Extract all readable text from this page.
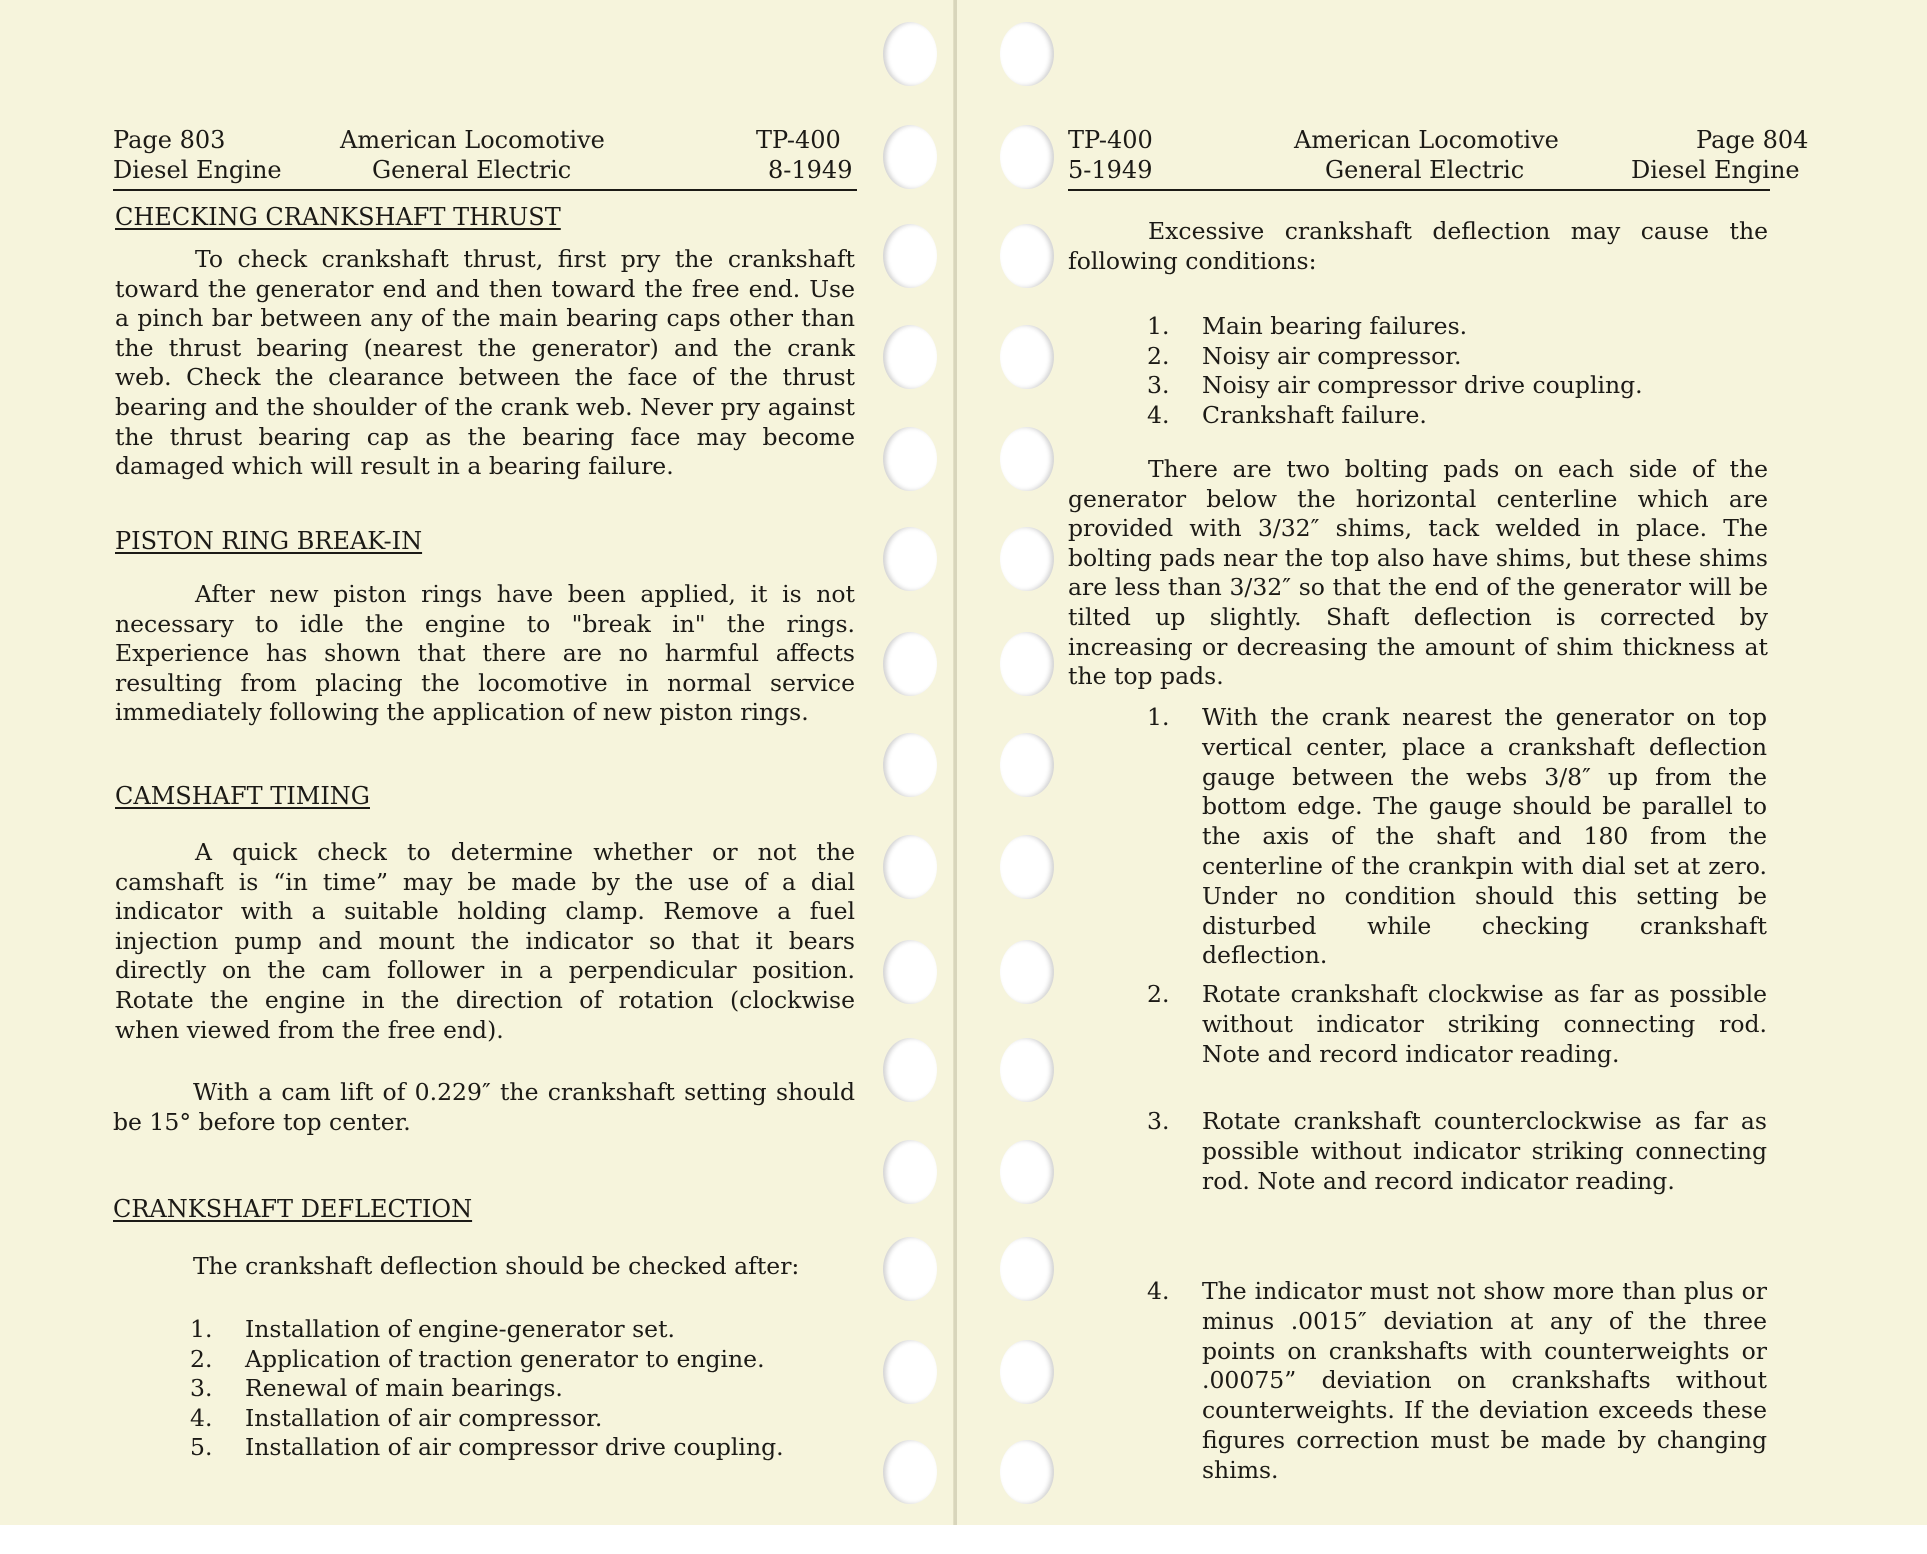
Page 803	American Locomotive	TP-400
Diesel Engine	General Electric	8-1949
CHECKING CRANKSHAFT THRUST

To check crankshaft thrust, first pry the crankshaft toward the generator end and then toward the free end. Use a pinch bar between any of the main bearing caps other than the thrust bearing (nearest the generator) and the crank web. Check the clearance between the face of the thrust bearing and the shoulder of the crank web. Never pry against the thrust bearing cap as the bearing face may become damaged which will result in a bearing failure.

PISTON RING BREAK-IN

After new piston rings have been applied, it is not necessary to idle the engine to "break in" the rings. Experience has shown that there are no harmful affects resulting from placing the locomotive in normal service immediately following the application of new piston rings.

CAMSHAFT TIMING

A quick check to determine whether or not the camshaft is “in time” may be made by the use of a dial indicator with a suitable holding clamp. Remove a fuel injection pump and mount the indicator so that it bears directly on the cam follower in a perpendicular position. Rotate the engine in the direction of rotation (clockwise when viewed from the free end).

With a cam lift of 0.229″ the crankshaft setting should be 15° before top center.

CRANKSHAFT DEFLECTION

The crankshaft deflection should be checked after:

1. Installation of engine-generator set.
2. Application of traction generator to engine.
3. Renewal of main bearings.
4. Installation of air compressor.
5. Installation of air compressor drive coupling.
TP-400	American Locomotive	Page 804
5-1949	General Electric	Diesel Engine

Excessive crankshaft deflection may cause the following conditions:

1. Main bearing failures.
2. Noisy air compressor.
3. Noisy air compressor drive coupling.
4. Crankshaft failure.

There are two bolting pads on each side of the generator below the horizontal centerline which are provided with 3/32″ shims, tack welded in place. The bolting pads near the top also have shims, but these shims are less than 3/32″ so that the end of the generator will be tilted up slightly. Shaft deflection is corrected by increasing or decreasing the amount of shim thickness at the top pads.

1. With the crank nearest the generator on top vertical center, place a crankshaft deflection gauge between the webs 3/8″ up from the bottom edge. The gauge should be parallel to the axis of the shaft and 180 from the centerline of the crankpin with dial set at zero. Under no condition should this setting be disturbed while checking crankshaft deflection.
2. Rotate crankshaft clockwise as far as possible without indicator striking connecting rod. Note and record indicator reading.
3. Rotate crankshaft counterclockwise as far as possible without indicator striking connecting rod. Note and record indicator reading.
4. The indicator must not show more than plus or minus .0015″ deviation at any of the three points on crankshafts with counterweights or .00075” deviation on crankshafts without counterweights. If the deviation exceeds these figures correction must be made by changing shims.
